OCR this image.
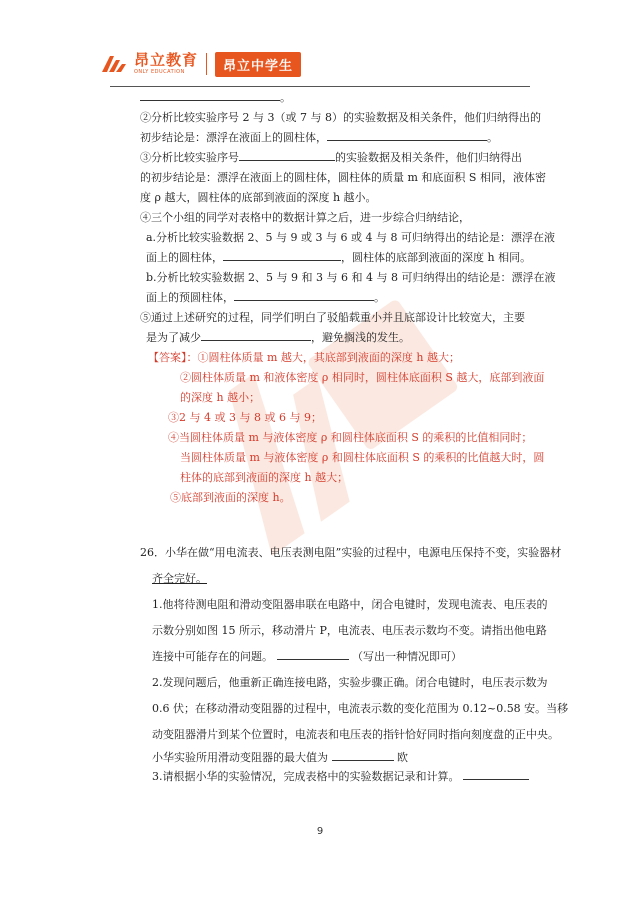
昂立教育
ONLY EDUCATION	昂立中学生
。
②分析比较实验序号 2 与 3（或 7 与 8）的实验数据及相关条件，他们归纳得出的
初步结论是：漂浮在液面上的圆柱体，	。
③分析比较实验序号	的实验数据及相关条件，他们归纳得出
的初步结论是：漂浮在液面上的圆柱体，圆柱体的质量 m 和底面积 S 相同，液体密
度 ρ 越大，圆柱体的底部到液面的深度 h 越小。
④三个小组的同学对表格中的数据计算之后，进一步综合归纳结论，
a.分析比较实验数据 2、5 与 9 或 3 与 6 或 4 与 8 可归纳得出的结论是：漂浮在液
面上的圆柱体，	，圆柱体的底部到液面的深度 h 相同。
b.分析比较实验数据 2、5 与 9 和 3 与 6 和 4 与 8 可归纳得出的结论是：漂浮在液
面上的预圆柱体，	。
⑤通过上述研究的过程，同学们明白了驳船载重小并且底部设计比较宽大，主要
是为了减少	，避免搁浅的发生。
【答案】：①圆柱体质量 m 越大，其底部到液面的深度 h 越大；
②圆柱体质量 m 和液体密度 ρ 相同时，圆柱体底面积 S 越大，底部到液面
的深度 h 越小；
③2 与 4 或 3 与 8 或 6 与 9；
④当圆柱体质量 m 与液体密度 ρ 和圆柱体底面积 S 的乘积的比值相同时；
当圆柱体质量 m 与液体密度 ρ 和圆柱体底面积 S 的乘积的比值越大时，圆
柱体的底部到液面的深度 h 越大；
⑤底部到液面的深度 h。
26．小华在做“用电流表、电压表测电阻”实验的过程中，电源电压保持不变，实验器材
齐全完好。
1.他将待测电阻和滑动变阻器串联在电路中，闭合电键时，发现电流表、电压表的
示数分别如图 15 所示，移动滑片 P，电流表、电压表示数均不变。请指出他电路
连接中可能存在的问题。	（写出一种情况即可）
2.发现问题后，他重新正确连接电路，实验步骤正确。闭合电键时，电压表示数为
0.6 伏；在移动滑动变阻器的过程中，电流表示数的变化范围为 0.12~0.58 安。当移
动变阻器滑片到某个位置时，电流表和电压表的指针恰好同时指向刻度盘的正中央。
小华实验所用滑动变阻器的最大值为	欧
3.请根据小华的实验情况，完成表格中的实验数据记录和计算。
9
